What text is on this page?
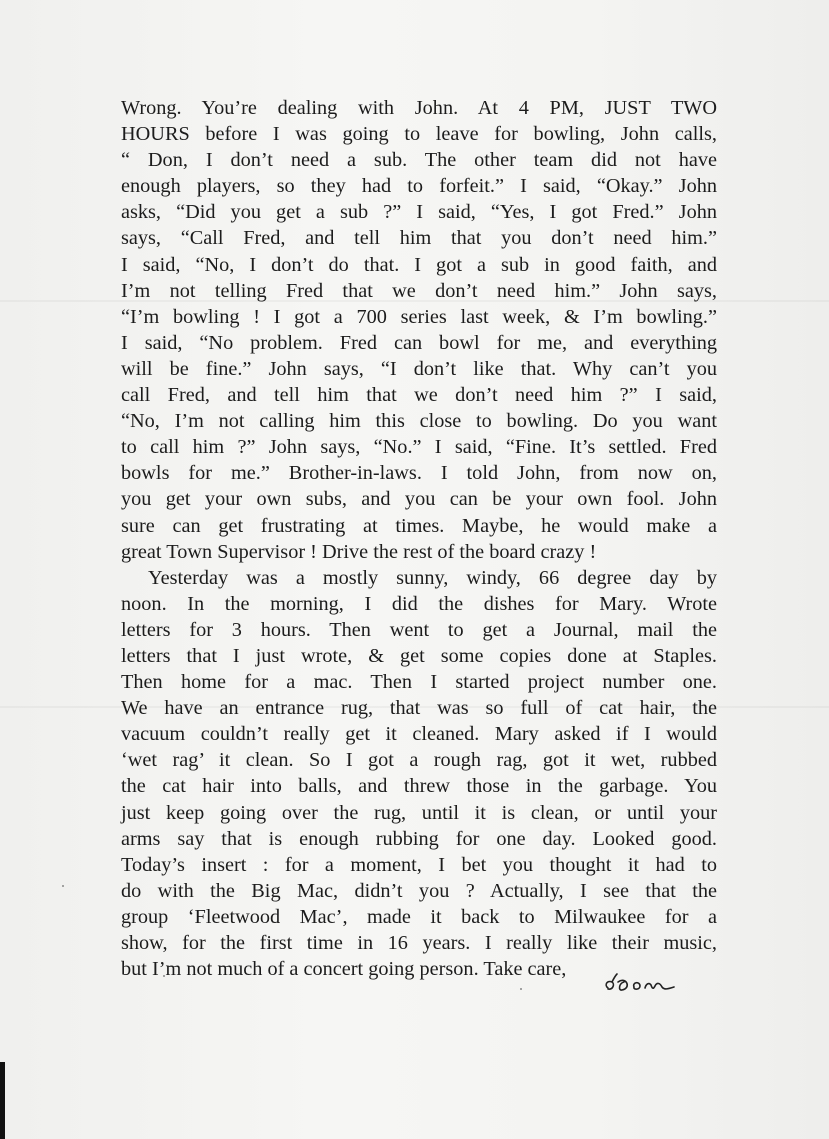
Wrong. You’re dealing with John. At 4 PM, JUST TWO
HOURS before I was going to leave for bowling, John calls,
“ Don, I don’t need a sub. The other team did not have
enough players, so they had to forfeit.” I said, “Okay.” John
asks, “Did you get a sub ?” I said, “Yes, I got Fred.” John
says, “Call Fred, and tell him that you don’t need him.”
I said, “No, I don’t do that. I got a sub in good faith, and
I’m not telling Fred that we don’t need him.” John says,
“I’m bowling ! I got a 700 series last week, & I’m bowling.”
I said, “No problem. Fred can bowl for me, and everything
will be fine.” John says, “I don’t like that. Why can’t you
call Fred, and tell him that we don’t need him ?” I said,
“No, I’m not calling him this close to bowling. Do you want
to call him ?” John says, “No.” I said, “Fine. It’s settled. Fred
bowls for me.” Brother-in-laws. I told John, from now on,
you get your own subs, and you can be your own fool. John
sure can get frustrating at times. Maybe, he would make a
great Town Supervisor ! Drive the rest of the board crazy !
Yesterday was a mostly sunny, windy, 66 degree day by
noon. In the morning, I did the dishes for Mary. Wrote
letters for 3 hours. Then went to get a Journal, mail the
letters that I just wrote, & get some copies done at Staples.
Then home for a mac. Then I started project number one.
We have an entrance rug, that was so full of cat hair, the
vacuum couldn’t really get it cleaned. Mary asked if I would
‘wet rag’ it clean. So I got a rough rag, got it wet, rubbed
the cat hair into balls, and threw those in the garbage. You
just keep going over the rug, until it is clean, or until your
arms say that is enough rubbing for one day. Looked good.
Today’s insert : for a moment, I bet you thought it had to
do with the Big Mac, didn’t you ? Actually, I see that the
group ‘Fleetwood Mac’, made it back to Milwaukee for a
show, for the first time in 16 years. I really like their music,
but I’m not much of a concert going person. Take care,
